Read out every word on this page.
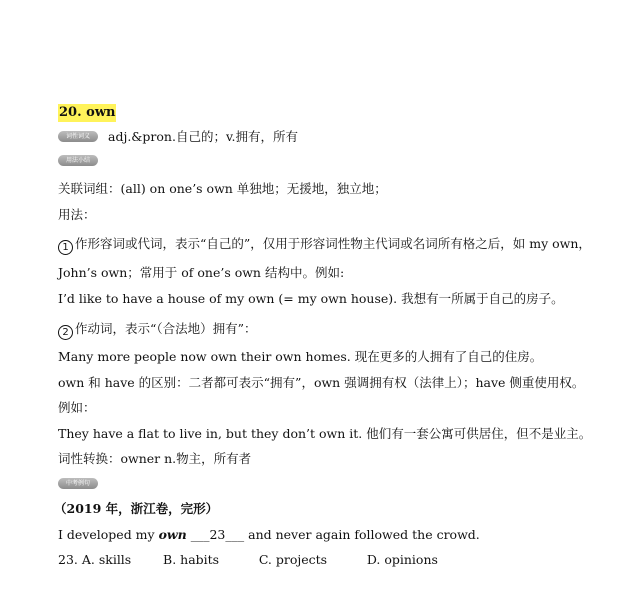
20. own
词性词义	adj.&pron.自己的；v.拥有，所有
用法小结
关联词组：(all) on one’s own 单独地；无援地，独立地；
用法：
1 作形容词或代词，表示“自己的”，仅用于形容词性物主代词或名词所有格之后，如 my own，
John’s own；常用于 of one’s own 结构中。例如:
I’d like to have a house of my own (= my own house). 我想有一所属于自己的房子。
2 作动词，表示“（合法地）拥有”：
Many more people now own their own homes. 现在更多的人拥有了自己的住房。
own 和 have 的区别：二者都可表示“拥有”，own 强调拥有权（法律上）；have 侧重使用权。
例如：
They have a flat to live in, but they don’t own it. 他们有一套公寓可供居住，但不是业主。
词性转换：owner n.物主，所有者
中考例句
（2019 年，浙江卷，完形）
I developed my own ___23___ and never again followed the crowd.
23. A. skills        B. habits          C. projects          D. opinions
